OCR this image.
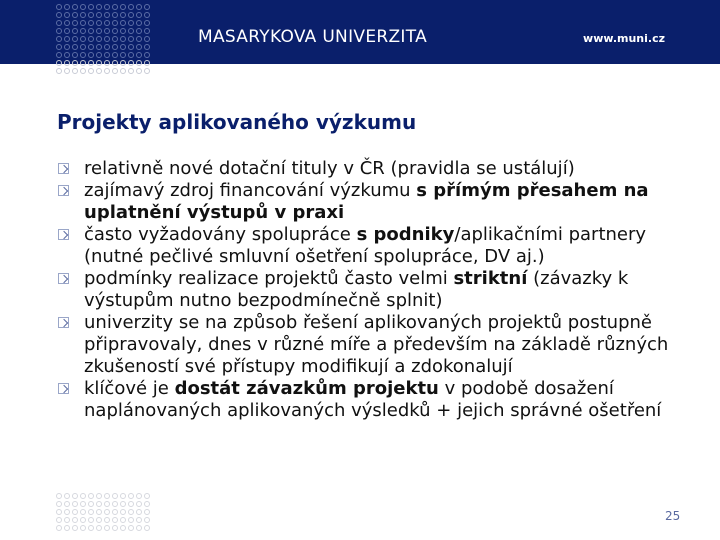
MASARYKOVA UNIVERZITA	www.muni.cz
Projekty aplikovaného výzkumu
relativně nové dotační tituly v ČR (pravidla se ustálují)
zajímavý zdroj financování výzkumu s přímým přesahem na uplatnění výstupů v praxi
často vyžadovány spolupráce s podniky/aplikačními partnery (nutné pečlivé smluvní ošetření spolupráce, DV aj.)
podmínky realizace projektů často velmi striktní (závazky k výstupům nutno bezpodmínečně splnit)
univerzity se na způsob řešení aplikovaných projektů postupně připravovaly, dnes v různé míře a především na základě různých zkušeností své přístupy modifikují a zdokonalují
klíčové je dostát závazkům projektu v podobě dosažení naplánovaných aplikovaných výsledků + jejich správné ošetření
25
